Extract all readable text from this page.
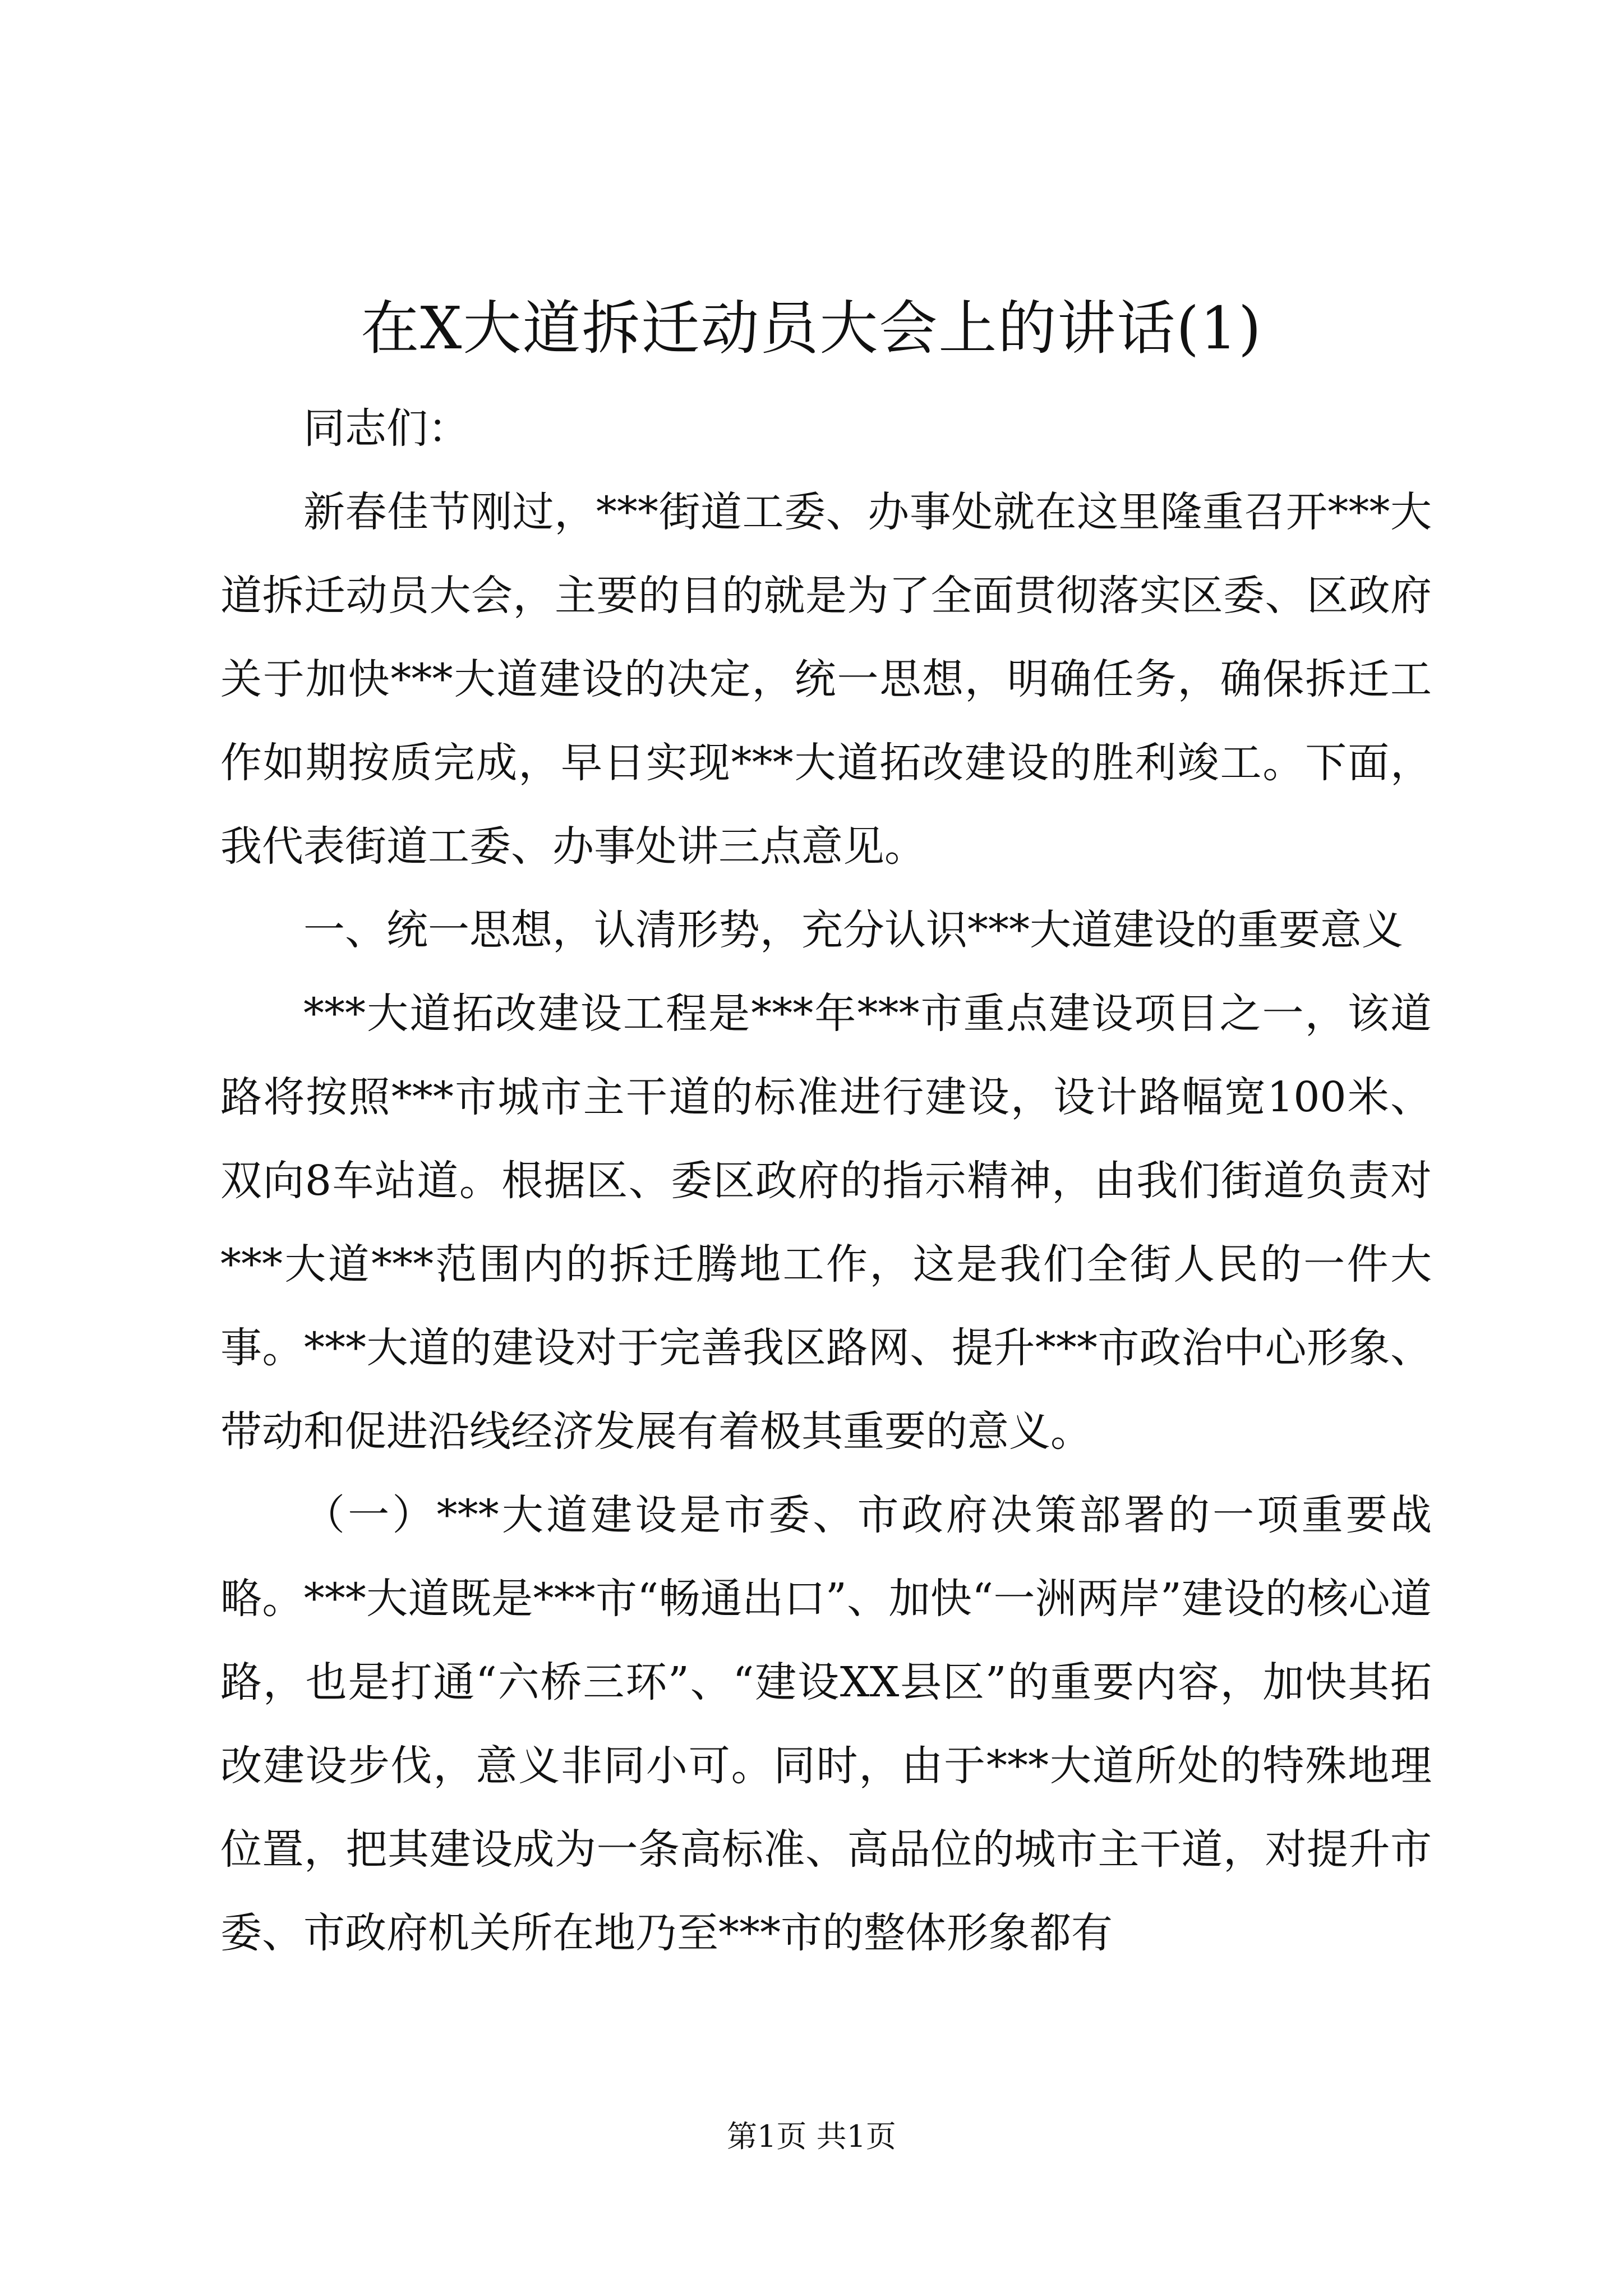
在X大道拆迁动员大会上的讲话(1)

同志们：

新春佳节刚过，***街道工委、办事处就在这里隆重召开***大道拆迁动员大会，主要的目的就是为了全面贯彻落实区委、区政府关于加快***大道建设的决定，统一思想，明确任务，确保拆迁工作如期按质完成，早日实现***大道拓改建设的胜利竣工。下面，我代表街道工委、办事处讲三点意见。

一、统一思想，认清形势，充分认识***大道建设的重要意义

***大道拓改建设工程是***年***市重点建设项目之一，该道路将按照***市城市主干道的标准进行建设，设计路幅宽100米、双向8车站道。根据区、委区政府的指示精神，由我们街道负责对***大道***范围内的拆迁腾地工作，这是我们全街人民的一件大事。***大道的建设对于完善我区路网、提升***市政治中心形象、带动和促进沿线经济发展有着极其重要的意义。

（一）***大道建设是市委、市政府决策部署的一项重要战略。***大道既是***市“畅通出口”、加快“一洲两岸”建设的核心道路，也是打通“六桥三环”、“建设XX县区”的重要内容，加快其拓改建设步伐，意义非同小可。同时，由于***大道所处的特殊地理位置，把其建设成为一条高标准、高品位的城市主干道，对提升市委、市政府机关所在地乃至***市的整体形象都有

第1页 共1页
